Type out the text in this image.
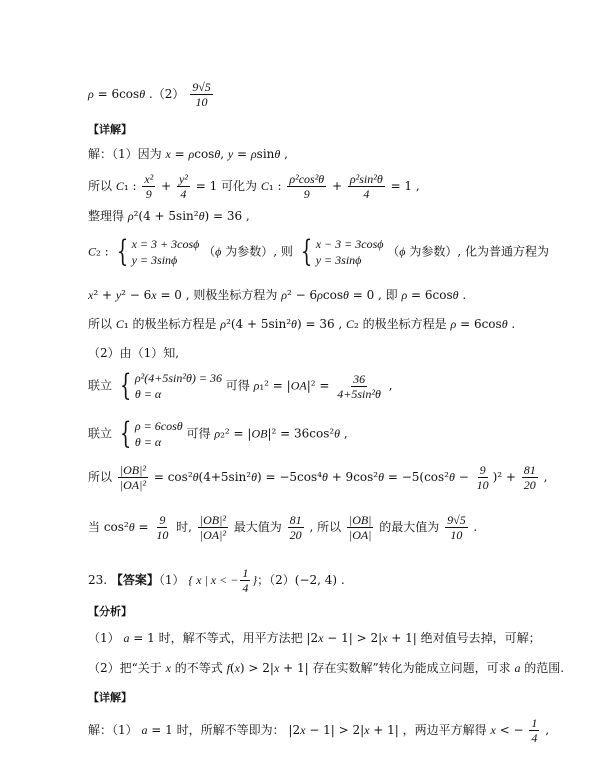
ρ = 6cosθ $.(2) \frac{9√5}{10}$
【详解】
解：（1）因为 x = ρcosθ, y = ρsinθ ,
所以 C₁ : $\frac{\text{x²}}{9} + \frac{\text{y²}}{4} = 1$ 可化为 C₁ : $\frac{\text{ρ²cos²θ}}{9} + \frac{\text{ρ²sin²θ}}{4} = 1$ ,
整理得 ρ²(4 + 5sin²θ) = 36 ,
C₂ : { x = 3 + 3cosϕ
y = 3sinϕ
（ϕ 为参数）, 则 { x − 3 = 3cosϕ
y = 3sinϕ
（ϕ 为参数）, 化为普通方程为
x² + y² − 6x = 0 , 则极坐标方程为 ρ² − 6ρcosθ = 0 , 即 ρ = 6cosθ .
所以 C₁ 的极坐标方程是 ρ²(4 + 5sin²θ) = 36 , C₂ 的极坐标方程是 ρ = 6cosθ .
（2）由（1）知,
联立 { ρ²(4+5sin²θ) = 36
θ = α
可得 $\rho_1^2 = |OA|^2 = \frac{36}{\text{4+5sin²θ}}$ ,
联立 { ρ = 6cosθ
θ = α
可得 ρ₂² = |OB|² = 36cos²θ ,
所以 $\frac{\text{|OB|²}}{\text{|OA|²}} = \cos^2\theta(4+5\sin^2\theta) = -5\cos^4\theta + 9\cos^2\theta = -5(\cos^2\theta - \frac{9}{10} )^2 + \frac{81}{20}$ ,
当 $\cos^2\theta = \frac{9}{10}$ 时, $\frac{\text{|OB|²}}{\text{|OA|²}}$ 最大值为 $\frac{81}{20}$ , 所以 $\frac{|OB|}{|OA|}$ 的最大值为 $\frac{9√5}{10}$ .
23. 【答案】（1） { x | x < − $\frac{1}{4}$ }；（2）(−2, 4) .
【分析】
（1） a = 1 时，解不等式，用平方法把 |2x − 1| > 2|x + 1| 绝对值号去掉，可解；
（2）把“关于 x 的不等式 f(x) > 2|x + 1| 存在实数解”转化为能成立问题，可求 a 的范围.
【详解】
解：（1） a = 1 时，所解不等即为： |2x − 1| > 2|x + 1| ，两边平方解得 x < − $\frac{1}{4}$ ,
